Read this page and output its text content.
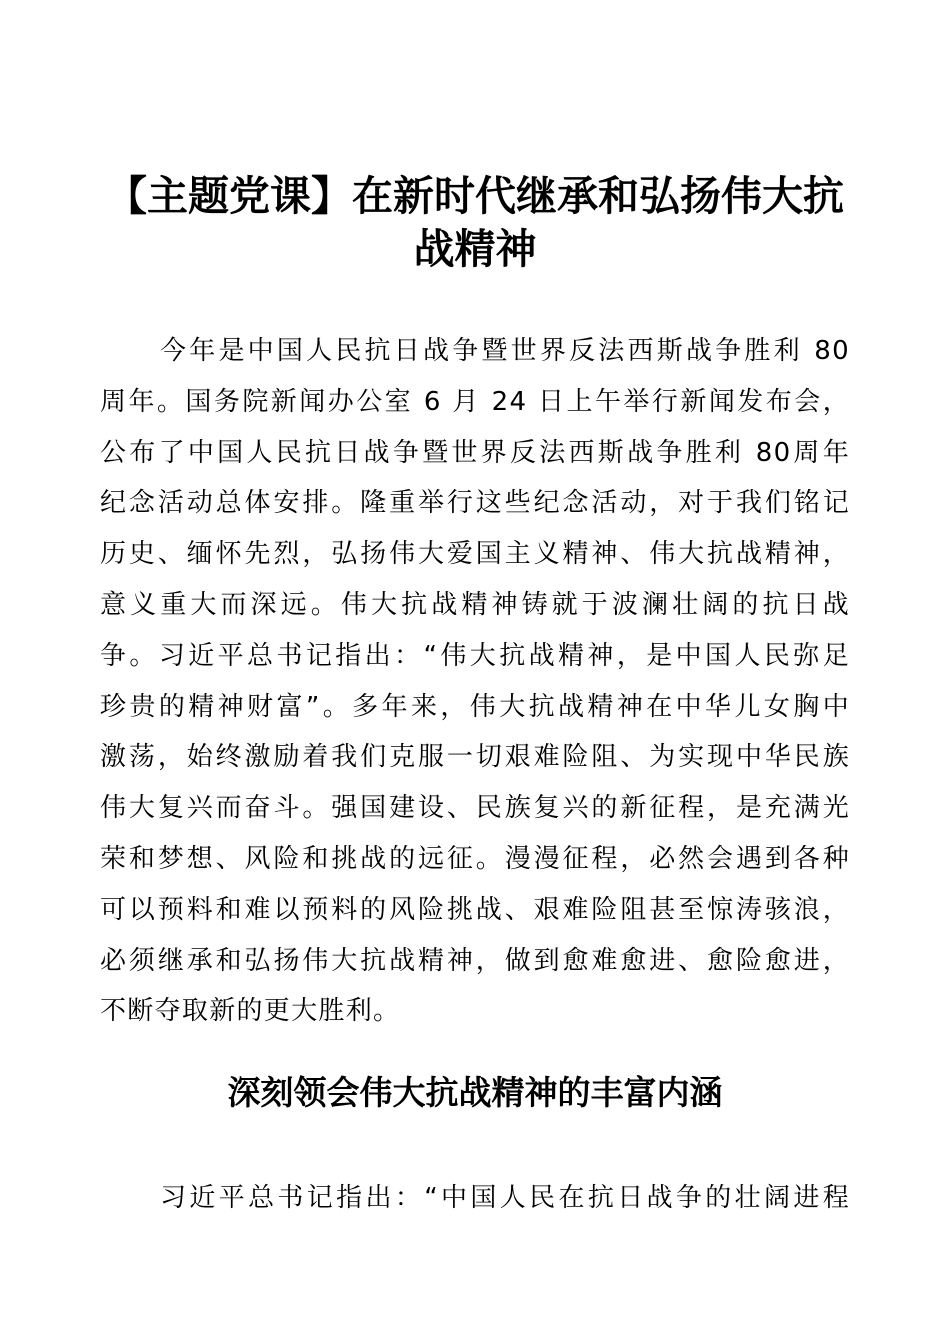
【主题党课】在新时代继承和弘扬伟大抗
战精神
今年是中国人民抗日战争暨世界反法西斯战争胜利 80
周年。国务院新闻办公室 6 月 24 日上午举行新闻发布会，
公布了中国人民抗日战争暨世界反法西斯战争胜利 80周年
纪念活动总体安排。隆重举行这些纪念活动，对于我们铭记
历史、缅怀先烈，弘扬伟大爱国主义精神、伟大抗战精神，
意义重大而深远。伟大抗战精神铸就于波澜壮阔的抗日战
争。习近平总书记指出：“伟大抗战精神，是中国人民弥足
珍贵的精神财富”。多年来，伟大抗战精神在中华儿女胸中
激荡，始终激励着我们克服一切艰难险阻、为实现中华民族
伟大复兴而奋斗。强国建设、民族复兴的新征程，是充满光
荣和梦想、风险和挑战的远征。漫漫征程，必然会遇到各种
可以预料和难以预料的风险挑战、艰难险阻甚至惊涛骇浪，
必须继承和弘扬伟大抗战精神，做到愈难愈进、愈险愈进，
不断夺取新的更大胜利。
深刻领会伟大抗战精神的丰富内涵
习近平总书记指出：“中国人民在抗日战争的壮阔进程
